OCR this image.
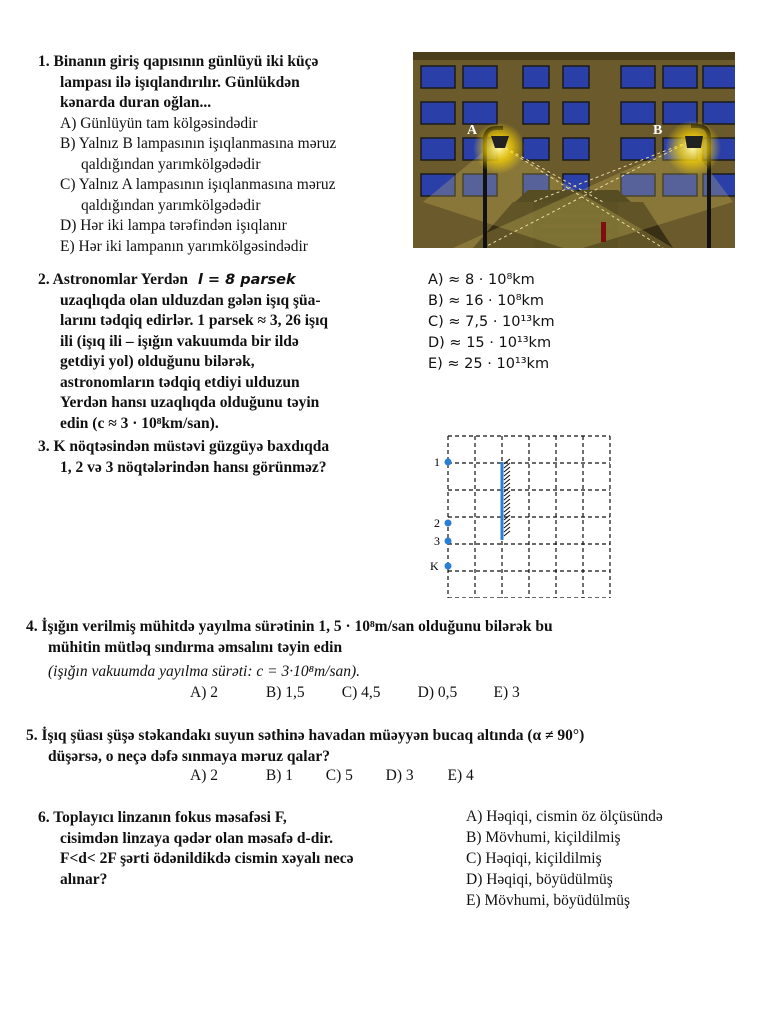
1. Binanın giriş qapısının günlüyü iki küçə
lampası ilə işıqlandırılır. Günlükdən
kənarda duran oğlan...
A) Günlüyün tam kölgəsindədir
B) Yalnız B lampasının işıqlanmasına məruz
qaldığından yarımkölgədədir
C) Yalnız A lampasının işıqlanmasına məruz
qaldığından yarımkölgədədir
D) Hər iki lampa tərəfindən işıqlanır
E) Hər iki lampanın yarımkölgəsindədir
A	B
2. Astronomlar Yerdən l = 8 parsek
uzaqlıqda olan ulduzdan gələn işıq şüa-
larını tədqiq edirlər. 1 parsek ≈ 3, 26 işıq
ili (işıq ili – işığın vakuumda bir ildə
getdiyi yol) olduğunu bilərək,
astronomların tədqiq etdiyi ulduzun
Yerdən hansı uzaqlıqda olduğunu təyin
edin (c ≈ 3 · 10⁸km/san).
A) ≈ 8 · 10⁸km
B) ≈ 16 · 10⁸km
C) ≈ 7,5 · 10¹³km
D) ≈ 15 · 10¹³km
E) ≈ 25 · 10¹³km
3. K nöqtəsindən müstəvi güzgüyə baxdıqda
1, 2 və 3 nöqtələrindən hansı görünməz?	1
2
3
K
4. İşığın verilmiş mühitdə yayılma sürətinin 1, 5 · 10⁸m/san olduğunu bilərək bu
mühitin mütləq sındırma əmsalını təyin edin
(işığın vakuumda yayılma sürəti: c = 3·10⁸m/san).
A) 2	B) 1,5 C) 4,5 D) 0,5 E) 3
5. İşıq şüası şüşə stəkandakı suyun səthinə havadan müəyyən bucaq altında (α ≠ 90°)
düşərsə, o neçə dəfə sınmaya məruz qalar?
A) 2	B) 1 C) 5 D) 3 E) 4
6. Toplayıcı linzanın fokus məsafəsi F,
cisimdən linzaya qədər olan məsafə d-dir.
F<d< 2F şərti ödənildikdə cismin xəyalı necə
alınar?
A) Həqiqi, cismin öz ölçüsündə
B) Mövhumi, kiçildilmiş
C) Həqiqi, kiçildilmiş
D) Həqiqi, böyüdülmüş
E) Mövhumi, böyüdülmüş
